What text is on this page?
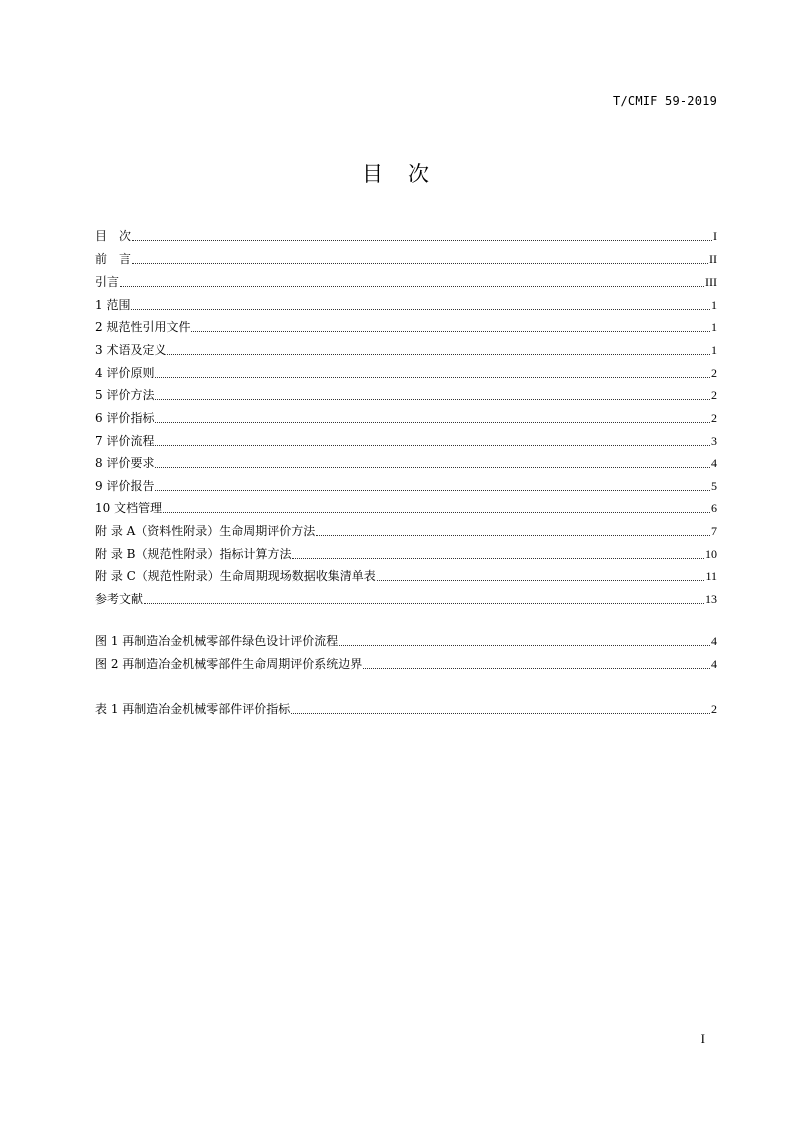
T/CMIF 59-2019
目　次
目　次	I
前　言	II
引言	III
1 范围	1
2 规范性引用文件	1
3 术语及定义	1
4 评价原则	2
5 评价方法	2
6 评价指标	2
7 评价流程	3
8 评价要求	4
9 评价报告	5
10 文档管理	6
附 录 A（资料性附录）生命周期评价方法	7
附 录 B（规范性附录）指标计算方法	10
附 录 C（规范性附录）生命周期现场数据收集清单表	11
参考文献	13
图 1 再制造冶金机械零部件绿色设计评价流程	4
图 2 再制造冶金机械零部件生命周期评价系统边界	4
表 1 再制造冶金机械零部件评价指标	2
I
